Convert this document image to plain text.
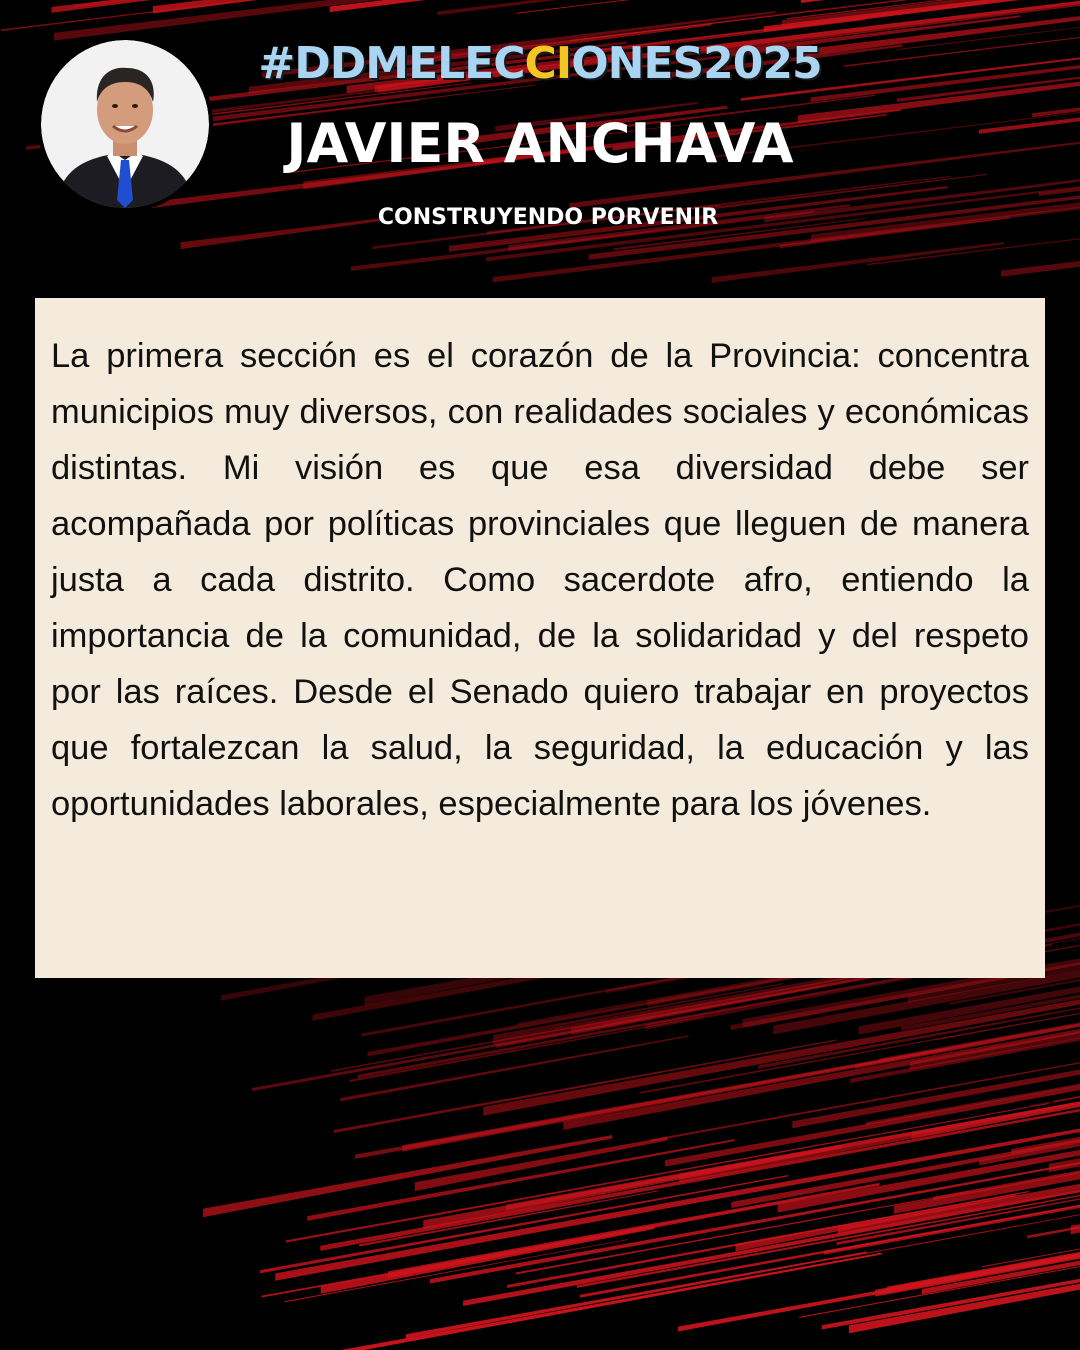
#DDMELECCIONES2025
JAVIER ANCHAVA
CONSTRUYENDO PORVENIR

La primera sección es el corazón de la Provincia: concentra municipios muy diversos, con realidades sociales y económicas distintas. Mi visión es que esa diversidad debe ser acompañada por políticas provinciales que lleguen de manera justa a cada distrito. Como sacerdote afro, entiendo la importancia de la comunidad, de la solidaridad y del respeto por las raíces. Desde el Senado quiero trabajar en proyectos que fortalezcan la salud, la seguridad, la educación y las oportunidades laborales, especialmente para los jóvenes.
